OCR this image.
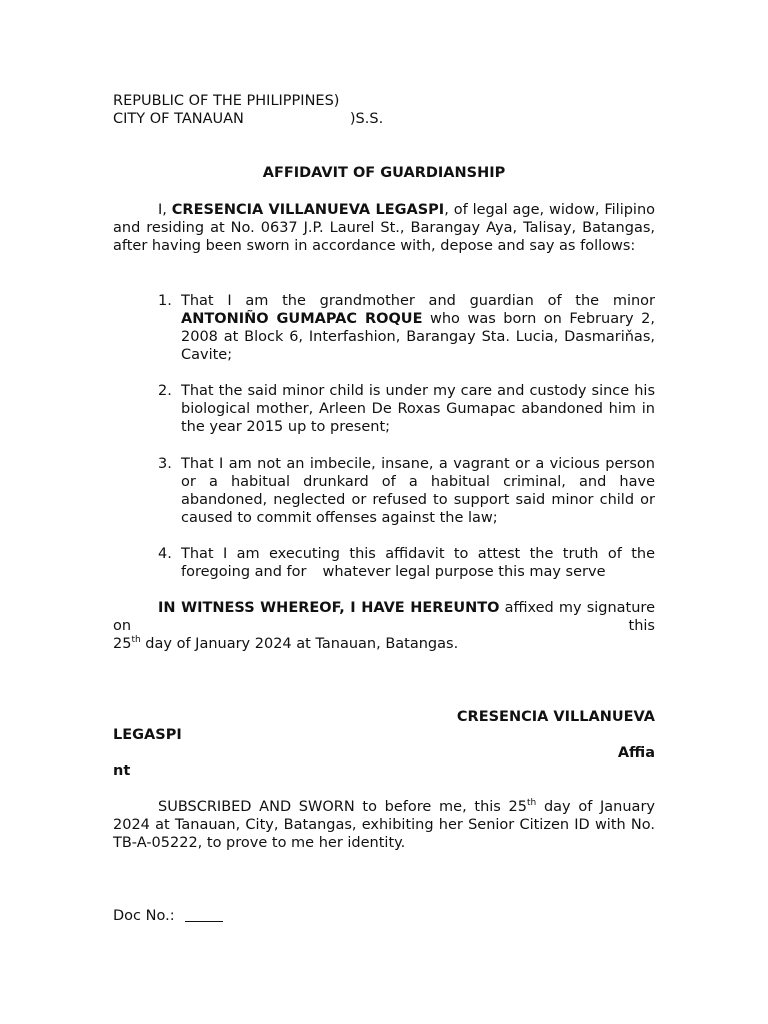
REPUBLIC OF THE PHILIPPINES)
CITY OF TANAUAN	)S.S.
AFFIDAVIT OF GUARDIANSHIP
I, CRESENCIA VILLANUEVA LEGASPI, of legal age, widow, Filipino and residing at No. 0637 J.P. Laurel St., Barangay Aya, Talisay, Batangas, after having been sworn in accordance with, depose and say as follows:
1. That I am the grandmother and guardian of the minor ANTONIÑO GUMAPAC ROQUE who was born on February 2, 2008 at Block 6, Interfashion, Barangay Sta. Lucia, Dasmariňas, Cavite;
2. That the said minor child is under my care and custody since his biological mother, Arleen De Roxas Gumapac abandoned him in the year 2015 up to present;
3. That I am not an imbecile, insane, a vagrant or a vicious person or a habitual drunkard of a habitual criminal, and have abandoned, neglected or refused to support said minor child or caused to commit offenses against the law;
4. That I am executing this affidavit to attest the truth of the
foregoing and for whatever legal purpose this may serve
IN WITNESS WHEREOF, I HAVE HEREUNTO affixed my signature on this
25th day of January 2024 at Tanauan, Batangas.
CRESENCIA VILLANUEVA
LEGASPI
Affia
nt
SUBSCRIBED AND SWORN to before me, this 25th day of January 2024 at Tanauan, City, Batangas, exhibiting her Senior Citizen ID with No. TB-A-05222, to prove to me her identity.
Doc No.:
